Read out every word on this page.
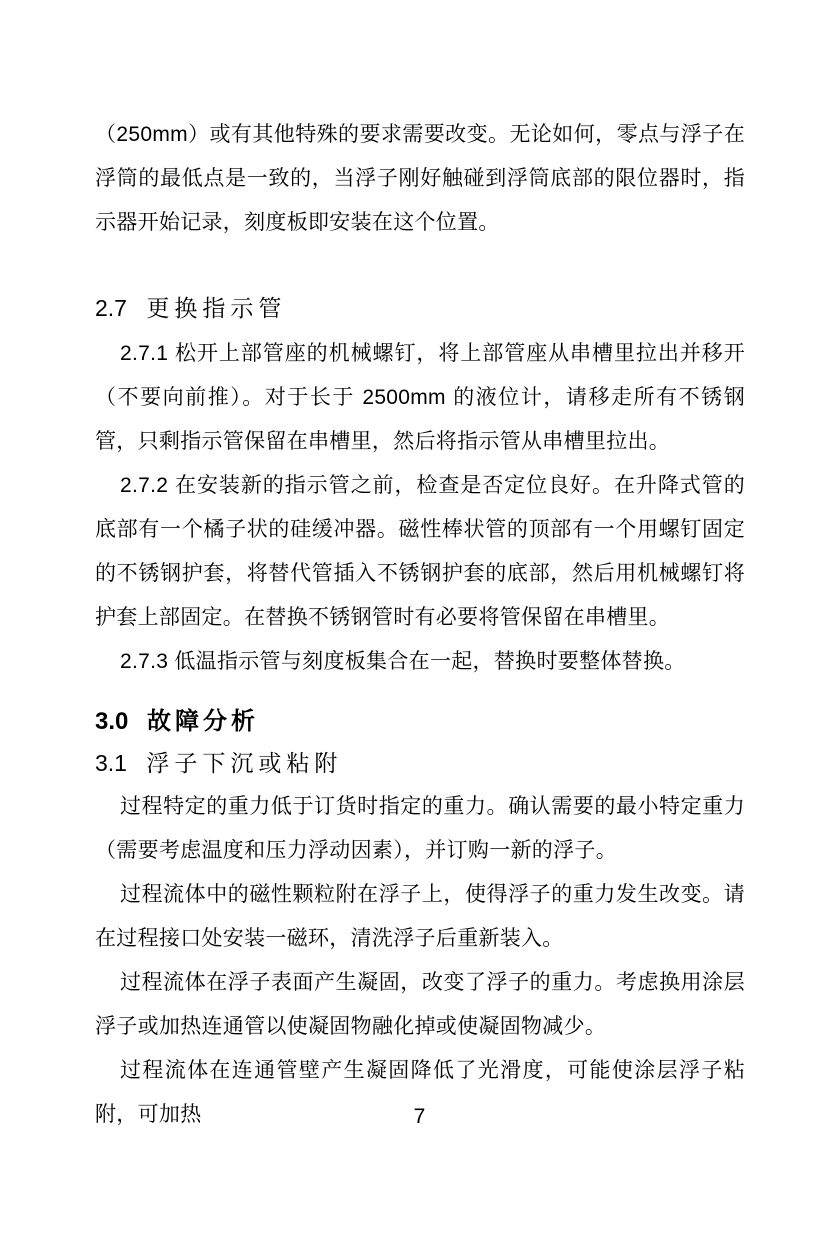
（250mm）或有其他特殊的要求需要改变。无论如何，零点与浮子在浮筒的最低点是一致的，当浮子刚好触碰到浮筒底部的限位器时，指示器开始记录，刻度板即安装在这个位置。

2.7 更换指示管

2.7.1 松开上部管座的机械螺钉，将上部管座从串槽里拉出并移开（不要向前推）。对于长于 2500mm 的液位计，请移走所有不锈钢管，只剩指示管保留在串槽里，然后将指示管从串槽里拉出。

2.7.2 在安装新的指示管之前，检查是否定位良好。在升降式管的底部有一个橘子状的硅缓冲器。磁性棒状管的顶部有一个用螺钉固定的不锈钢护套，将替代管插入不锈钢护套的底部，然后用机械螺钉将护套上部固定。在替换不锈钢管时有必要将管保留在串槽里。

2.7.3 低温指示管与刻度板集合在一起，替换时要整体替换。

3.0 故障分析
3.1 浮子下沉或粘附

过程特定的重力低于订货时指定的重力。确认需要的最小特定重力（需要考虑温度和压力浮动因素），并订购一新的浮子。

过程流体中的磁性颗粒附在浮子上，使得浮子的重力发生改变。请在过程接口处安装一磁环，清洗浮子后重新装入。

过程流体在浮子表面产生凝固，改变了浮子的重力。考虑换用涂层浮子或加热连通管以使凝固物融化掉或使凝固物减少。

过程流体在连通管壁产生凝固降低了光滑度，可能使涂层浮子粘附，可加热	7
